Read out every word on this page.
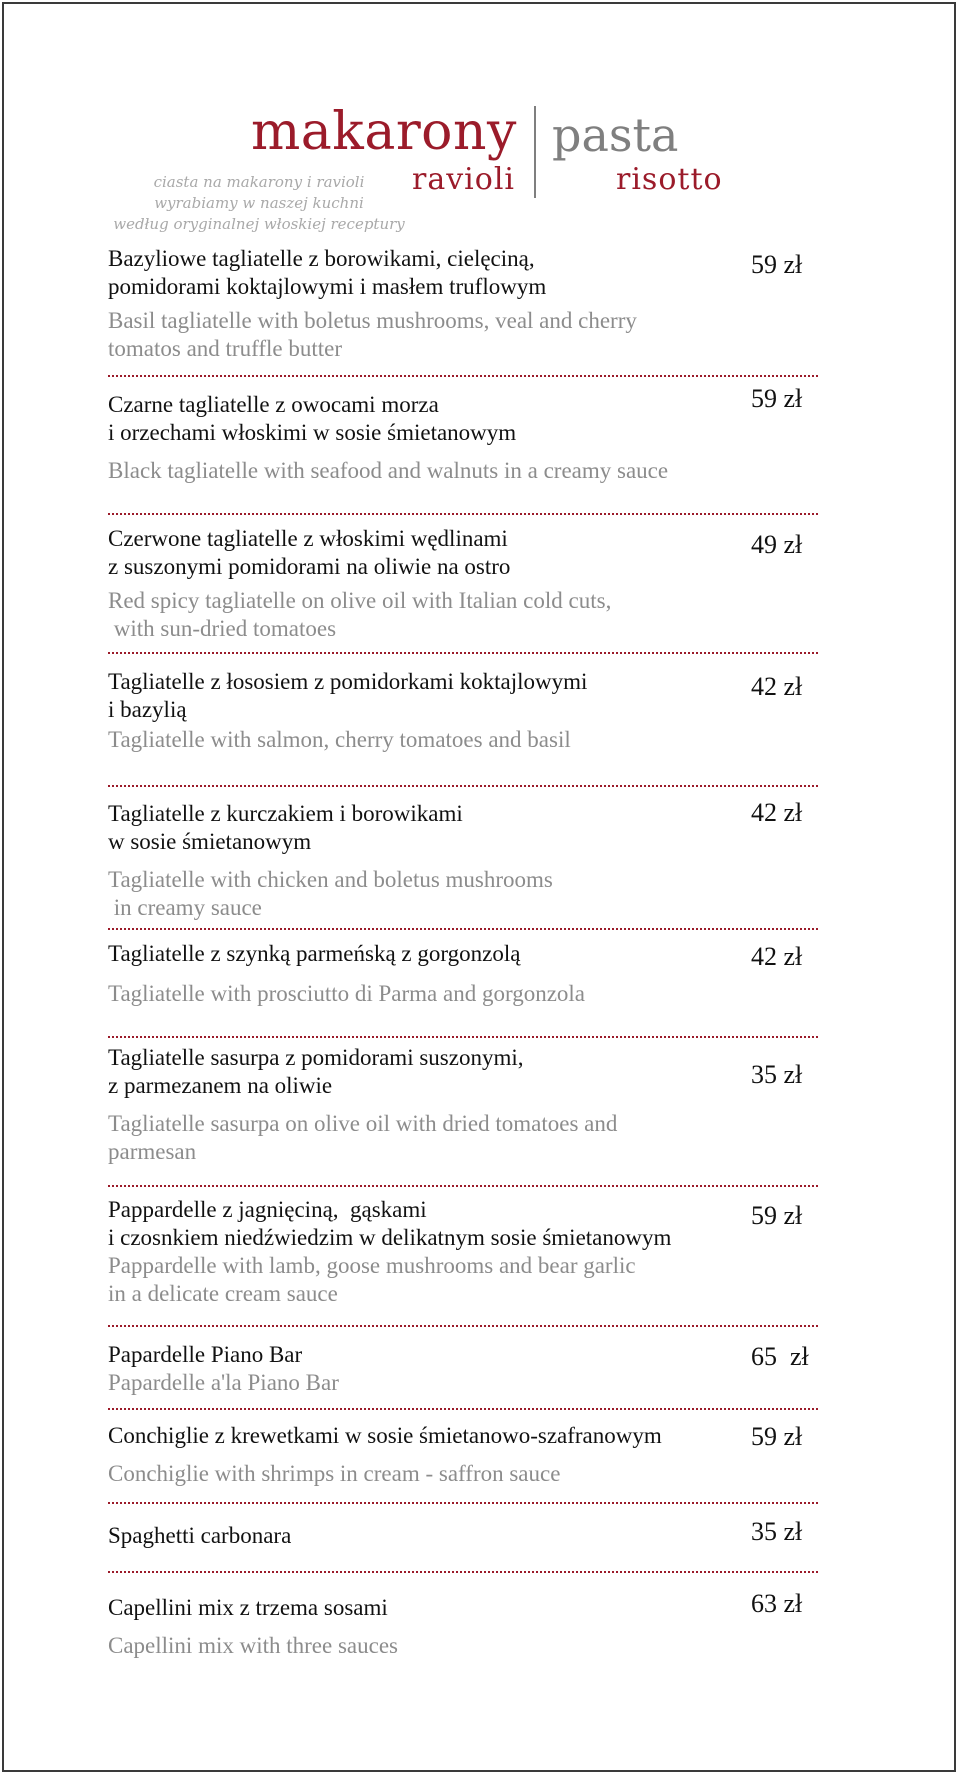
makarony
ravioli
pasta
risotto
ciasta na makarony i ravioli
wyrabiamy w naszej kuchni
według oryginalnej włoskiej receptury
Bazyliowe tagliatelle z borowikami, cielęciną,
pomidorami koktajlowymi i masłem truflowym
Basil tagliatelle with boletus mushrooms, veal and cherry
tomatos and truffle butter
59 zł
Czarne tagliatelle z owocami morza
i orzechami włoskimi w sosie śmietanowym
Black tagliatelle with seafood and walnuts in a creamy sauce
59 zł
Czerwone tagliatelle z włoskimi wędlinami
z suszonymi pomidorami na oliwie na ostro
Red spicy tagliatelle on olive oil with Italian cold cuts,
with sun-dried tomatoes
49 zł
Tagliatelle z łososiem z pomidorkami koktajlowymi
i bazylią
Tagliatelle with salmon, cherry tomatoes and basil
42 zł
Tagliatelle z kurczakiem i borowikami
w sosie śmietanowym
Tagliatelle with chicken and boletus mushrooms
in creamy sauce
42 zł
Tagliatelle z szynką parmeńską z gorgonzolą
Tagliatelle with prosciutto di Parma and gorgonzola
42 zł
Tagliatelle sasurpa z pomidorami suszonymi,
z parmezanem na oliwie
Tagliatelle sasurpa on olive oil with dried tomatoes and
parmesan
35 zł
Pappardelle z jagnięciną,  gąskami
i czosnkiem niedźwiedzim w delikatnym sosie śmietanowym
Pappardelle with lamb, goose mushrooms and bear garlic
in a delicate cream sauce
59 zł
Papardelle Piano Bar
Papardelle a'la Piano Bar
65  zł
Conchiglie z krewetkami w sosie śmietanowo-szafranowym
Conchiglie with shrimps in cream - saffron sauce
59 zł
Spaghetti carbonara	35 zł
Capellini mix z trzema sosami
Capellini mix with three sauces
63 zł
